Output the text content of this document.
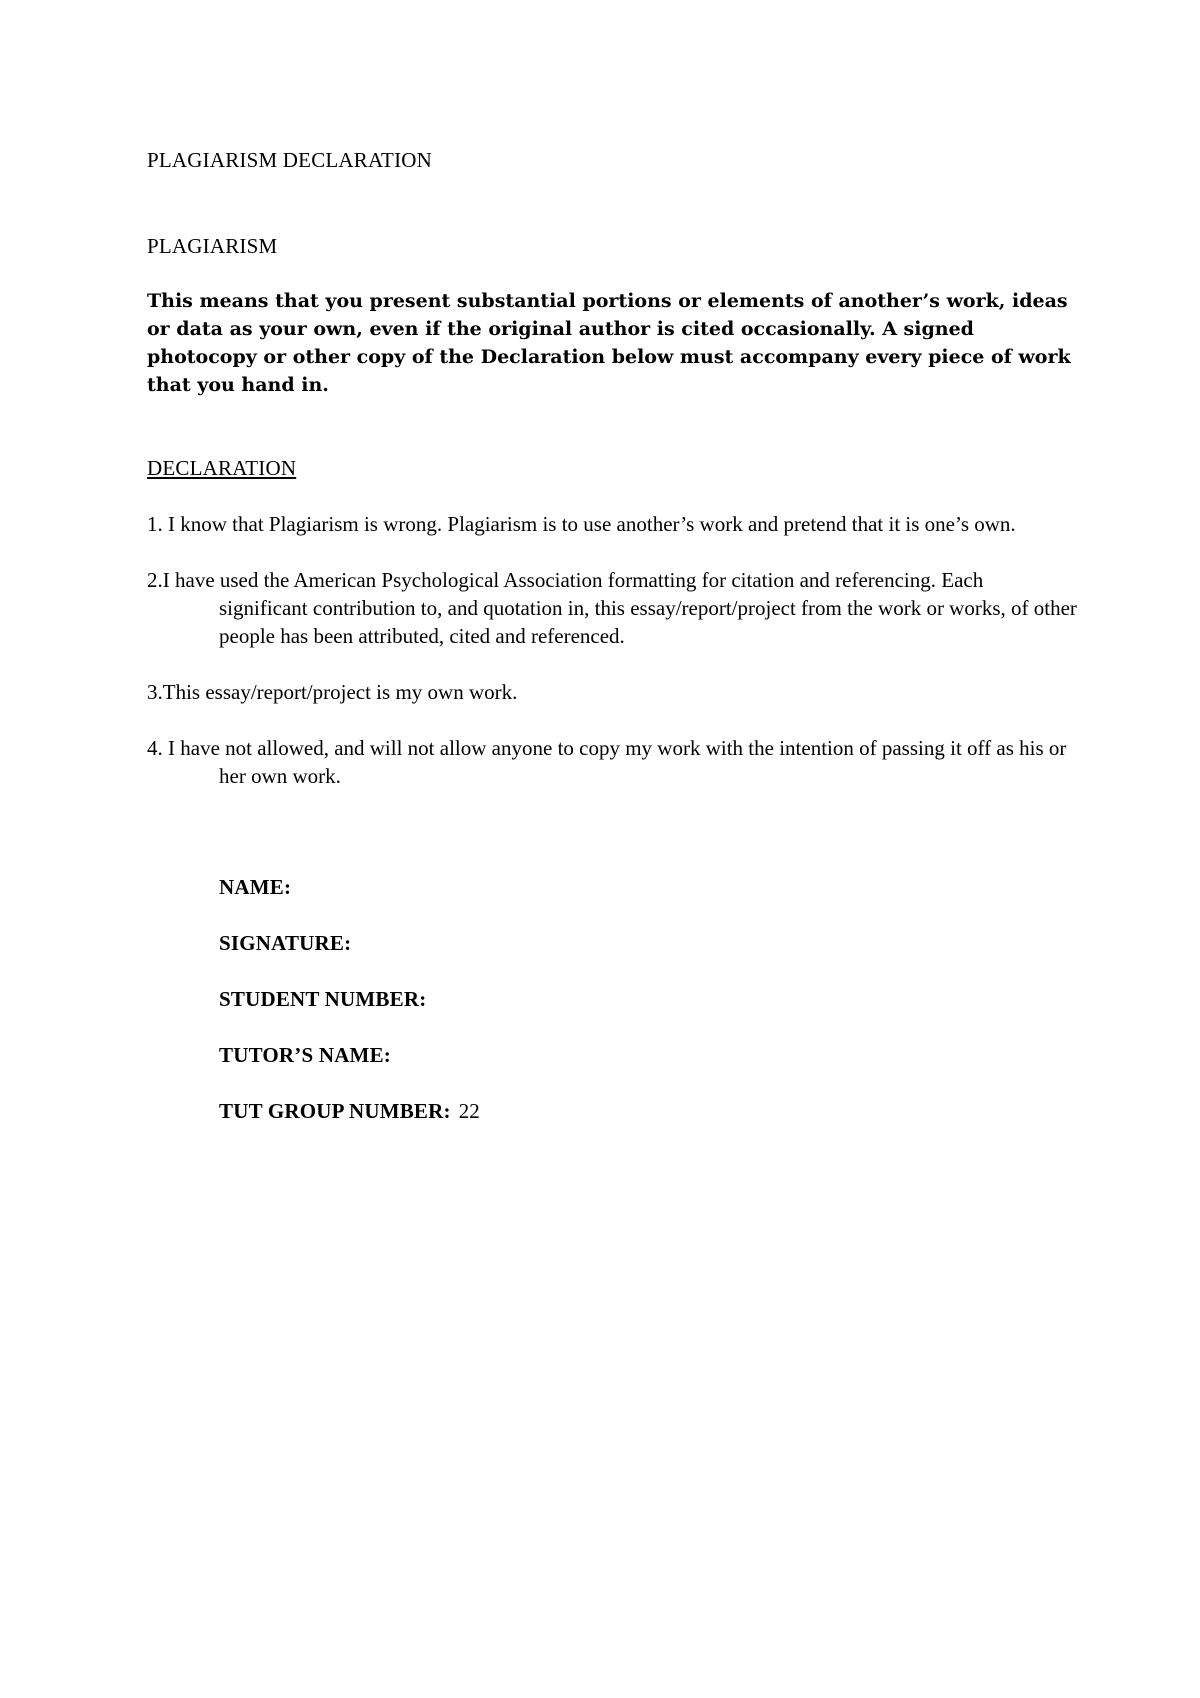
PLAGIARISM DECLARATION
PLAGIARISM

This means that you present substantial portions or elements of another’s work, ideas or data as your own, even if the original author is cited occasionally. A signed photocopy or other copy of the Declaration below must accompany every piece of work that you hand in.

DECLARATION
1. I know that Plagiarism is wrong. Plagiarism is to use another’s work and pretend that it is one’s own.
2.I have used the American Psychological Association formatting for citation and referencing. Each significant contribution to, and quotation in, this essay/report/project from the work or works, of other people has been attributed, cited and referenced.
3.This essay/report/project is my own work.
4. I have not allowed, and will not allow anyone to copy my work with the intention of passing it off as his or her own work.
NAME:
SIGNATURE:
STUDENT NUMBER:
TUTOR’S NAME:
TUT GROUP NUMBER: 22
